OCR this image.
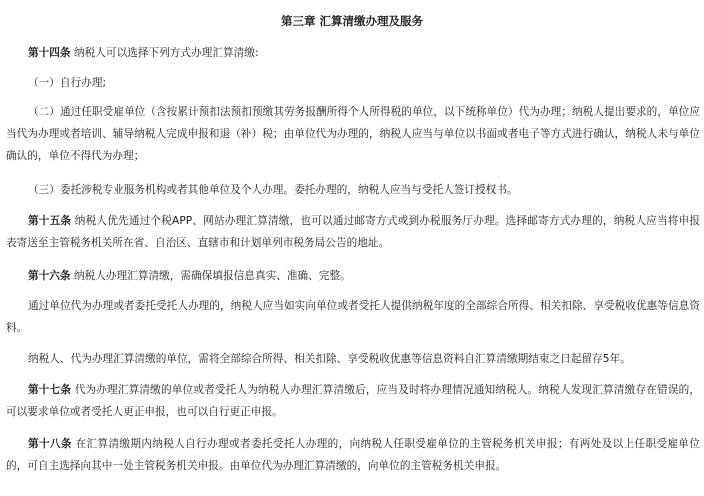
第三章 汇算清缴办理及服务

第十四条 纳税人可以选择下列方式办理汇算清缴:

（一）自行办理;

（二）通过任职受雇单位（含按累计预扣法预扣预缴其劳务报酬所得个人所得税的单位，以下统称单位）代为办理；纳税人提出要求的，单位应当代为办理或者培训、辅导纳税人完成申报和退（补）税；由单位代为办理的，纳税人应当与单位以书面或者电子等方式进行确认，纳税人未与单位确认的，单位不得代为办理；

（三）委托涉税专业服务机构或者其他单位及个人办理。委托办理的，纳税人应当与受托人签订授权书。

第十五条 纳税人优先通过个税APP、网站办理汇算清缴，也可以通过邮寄方式或到办税服务厅办理。选择邮寄方式办理的，纳税人应当将申报表寄送至主管税务机关所在省、自治区、直辖市和计划单列市税务局公告的地址。

第十六条 纳税人办理汇算清缴，需确保填报信息真实、准确、完整。

通过单位代为办理或者委托受托人办理的，纳税人应当如实向单位或者受托人提供纳税年度的全部综合所得、相关扣除、享受税收优惠等信息资料。

纳税人、代为办理汇算清缴的单位，需将全部综合所得、相关扣除、享受税收优惠等信息资料自汇算清缴期结束之日起留存5年。

第十七条 代为办理汇算清缴的单位或者受托人为纳税人办理汇算清缴后，应当及时将办理情况通知纳税人。纳税人发现汇算清缴存在错误的，可以要求单位或者受托人更正申报，也可以自行更正申报。

第十八条 在汇算清缴期内纳税人自行办理或者委托受托人办理的，向纳税人任职受雇单位的主管税务机关申报；有两处及以上任职受雇单位的，可自主选择向其中一处主管税务机关申报。由单位代为办理汇算清缴的，向单位的主管税务机关申报。
